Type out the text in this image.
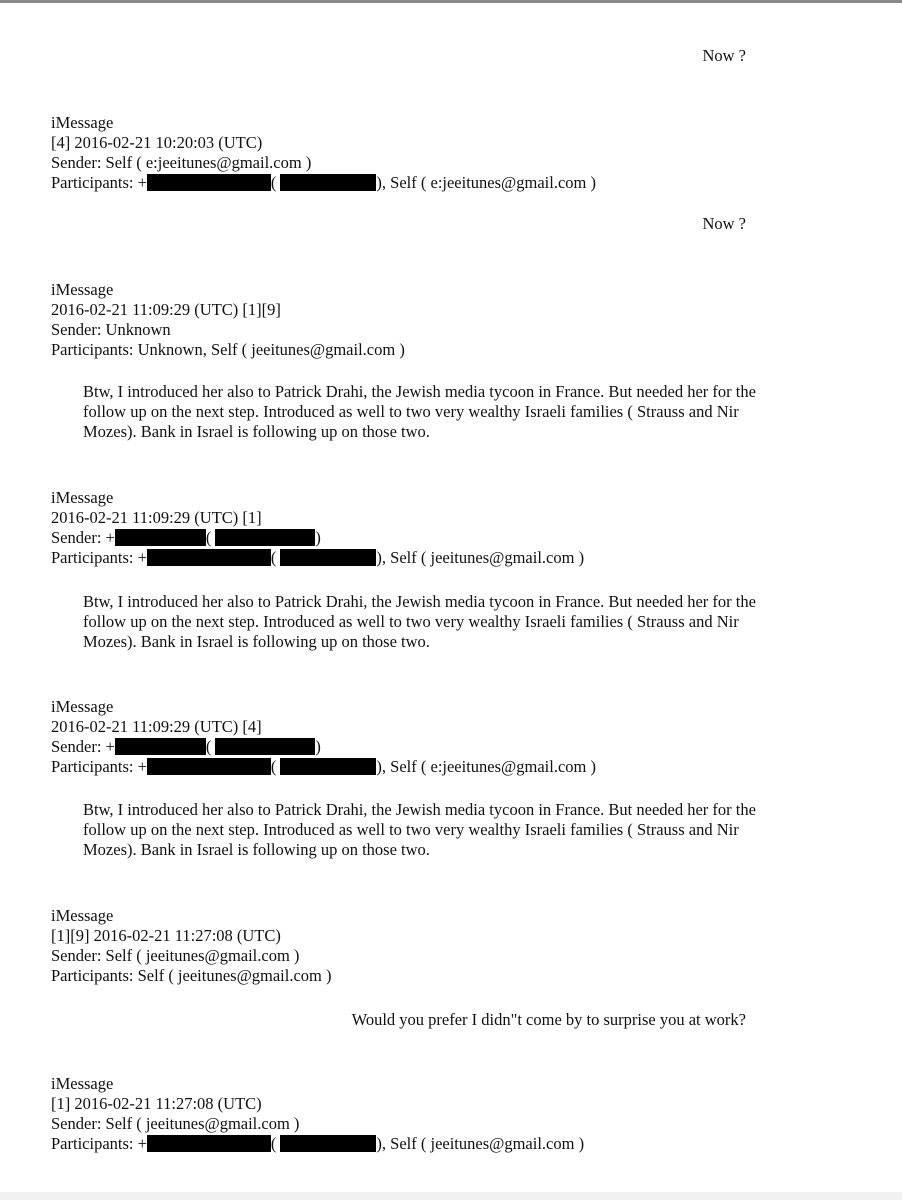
Now ?
iMessage
[4] 2016-02-21 10:20:03 (UTC)
Sender: Self ( e:jeeitunes@gmail.com )
Participants: +	(	), Self ( e:jeeitunes@gmail.com )
Now ?
iMessage
2016-02-21 11:09:29 (UTC) [1][9]
Sender: Unknown
Participants: Unknown, Self ( jeeitunes@gmail.com )
Btw, I introduced her also to Patrick Drahi, the Jewish media tycoon in France. But needed her for the follow up on the next step. Introduced as well to two very wealthy Israeli families ( Strauss and Nir Mozes). Bank in Israel is following up on those two.
iMessage
2016-02-21 11:09:29 (UTC) [1]
Sender: +	(	)
Participants: +	(	), Self ( jeeitunes@gmail.com )
Btw, I introduced her also to Patrick Drahi, the Jewish media tycoon in France. But needed her for the follow up on the next step. Introduced as well to two very wealthy Israeli families ( Strauss and Nir Mozes). Bank in Israel is following up on those two.
iMessage
2016-02-21 11:09:29 (UTC) [4]
Sender: +	(	)
Participants: +	(	), Self ( e:jeeitunes@gmail.com )
Btw, I introduced her also to Patrick Drahi, the Jewish media tycoon in France. But needed her for the follow up on the next step. Introduced as well to two very wealthy Israeli families ( Strauss and Nir Mozes). Bank in Israel is following up on those two.
iMessage
[1][9] 2016-02-21 11:27:08 (UTC)
Sender: Self ( jeeitunes@gmail.com )
Participants: Self ( jeeitunes@gmail.com )
Would you prefer I didn"t come by to surprise you at work?
iMessage
[1] 2016-02-21 11:27:08 (UTC)
Sender: Self ( jeeitunes@gmail.com )
Participants: +	(	), Self ( jeeitunes@gmail.com )
